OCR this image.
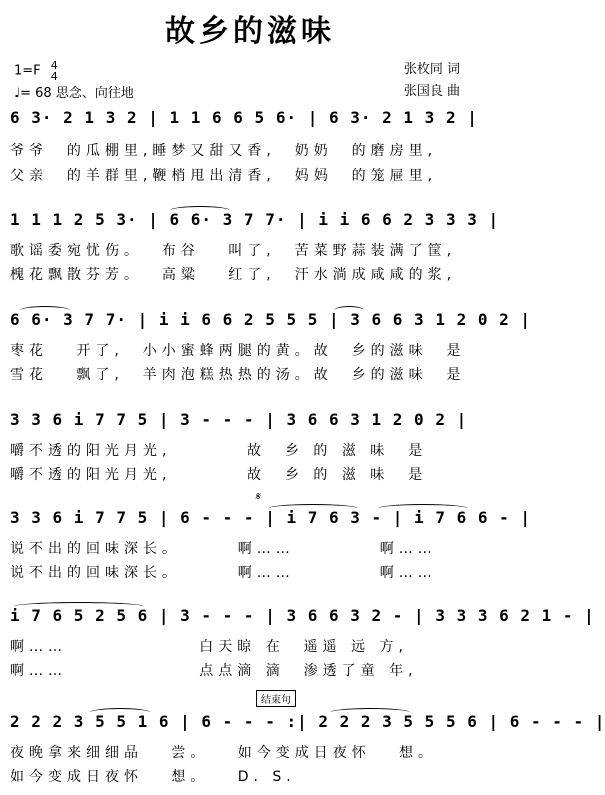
故乡的滋味
1=F 4
4
♩= 68 思念、向往地
张枚同 词
张国良 曲
6 3· 2 1 3 2 | 1 1 6 6 5 6· | 6 3· 2 1 3 2 |
爷爷  的瓜棚里,睡梦又甜又香,  奶奶  的磨房里,
父亲  的羊群里,鞭梢甩出清香,  妈妈  的笼屉里,
1 1 1 2 5 3· | 6 6· 3 7 7· | i i 6 6 2 3 3 3 |
歌谣委宛忧伤。  布谷   叫了,  苦菜野蒜装满了筐,
槐花飘散芬芳。  高粱   红了,  汗水淌成咸咸的浆,
6 6· 3 7 7· | i i 6 6 2 5 5 5 | 3 6 6 3 1 2 0 2 |
枣花   开了,  小小蜜蜂两腿的黄。故  乡的滋味  是
雪花   飘了,  羊肉泡糕热热的汤。故  乡的滋味  是
3 3 6 i 7 7 5 | 3 - - - | 3 6 6 3 1 2 0 2 |
嚼不透的阳光月光,        故  乡 的 滋 味  是
嚼不透的阳光月光,        故  乡 的 滋 味  是
𝄋
3 3 6 i 7 7 5 | 6 - - - | i 7 6 3 - | i 7 6 6 - |
说不出的回味深长。      啊……         啊……
说不出的回味深长。      啊……         啊……
i 7 6 5 2 5 6 | 3 - - - | 3 6 6 3 2 - | 3 3 3 6 2 1 - |
啊……              白天晾 在  遥遥 远 方,
啊……              点点滴 滴  渗透了童 年,
结束句
2 2 2 3 5 5 1 6 | 6 - - - :| 2 2 2 3 5 5 5 6 | 6 - - - |
夜晚拿来细细品   尝。   如今变成日夜怀   想。
如今变成日夜怀   想。   D. S.
